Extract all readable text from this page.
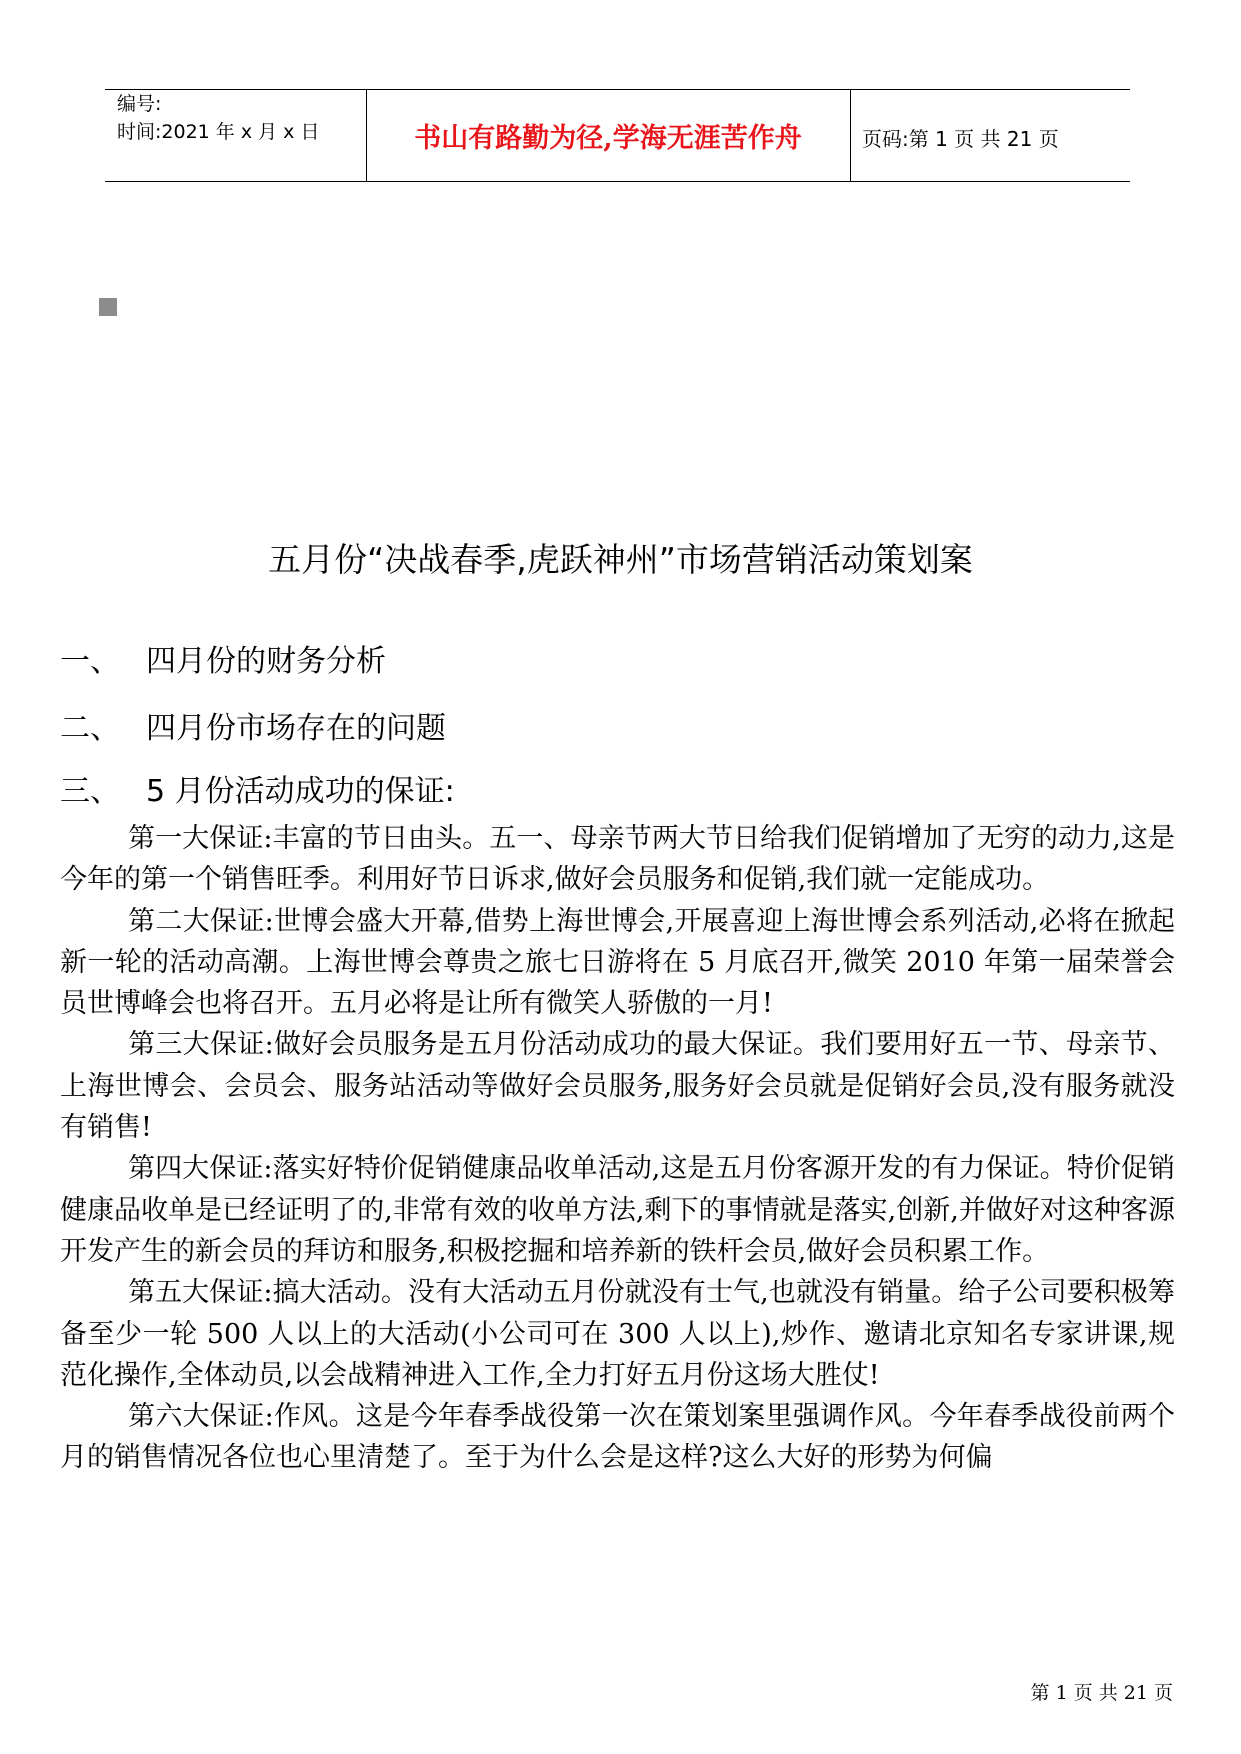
编号:
时间:2021 年 x 月 x 日	书山有路勤为径,学海无涯苦作舟	页码:第 1 页 共 21 页
五月份“决战春季,虎跃神州”市场营销活动策划案
一、 四月份的财务分析
二、 四月份市场存在的问题
三、 5 月份活动成功的保证:

第一大保证:丰富的节日由头。五一、母亲节两大节日给我们促销增加了无穷的动力,这是今年的第一个销售旺季。利用好节日诉求,做好会员服务和促销,我们就一定能成功。

第二大保证:世博会盛大开幕,借势上海世博会,开展喜迎上海世博会系列活动,必将在掀起新一轮的活动高潮。上海世博会尊贵之旅七日游将在 5 月底召开,微笑 2010 年第一届荣誉会员世博峰会也将召开。五月必将是让所有微笑人骄傲的一月!

第三大保证:做好会员服务是五月份活动成功的最大保证。我们要用好五一节、母亲节、上海世博会、会员会、服务站活动等做好会员服务,服务好会员就是促销好会员,没有服务就没有销售!

第四大保证:落实好特价促销健康品收单活动,这是五月份客源开发的有力保证。特价促销健康品收单是已经证明了的,非常有效的收单方法,剩下的事情就是落实,创新,并做好对这种客源开发产生的新会员的拜访和服务,积极挖掘和培养新的铁杆会员,做好会员积累工作。

第五大保证:搞大活动。没有大活动五月份就没有士气,也就没有销量。给子公司要积极筹备至少一轮 500 人以上的大活动(小公司可在 300 人以上),炒作、邀请北京知名专家讲课,规范化操作,全体动员,以会战精神进入工作,全力打好五月份这场大胜仗!

第六大保证:作风。这是今年春季战役第一次在策划案里强调作风。今年春季战役前两个月的销售情况各位也心里清楚了。至于为什么会是这样?这么大好的形势为何偏

第 1 页 共 21 页
